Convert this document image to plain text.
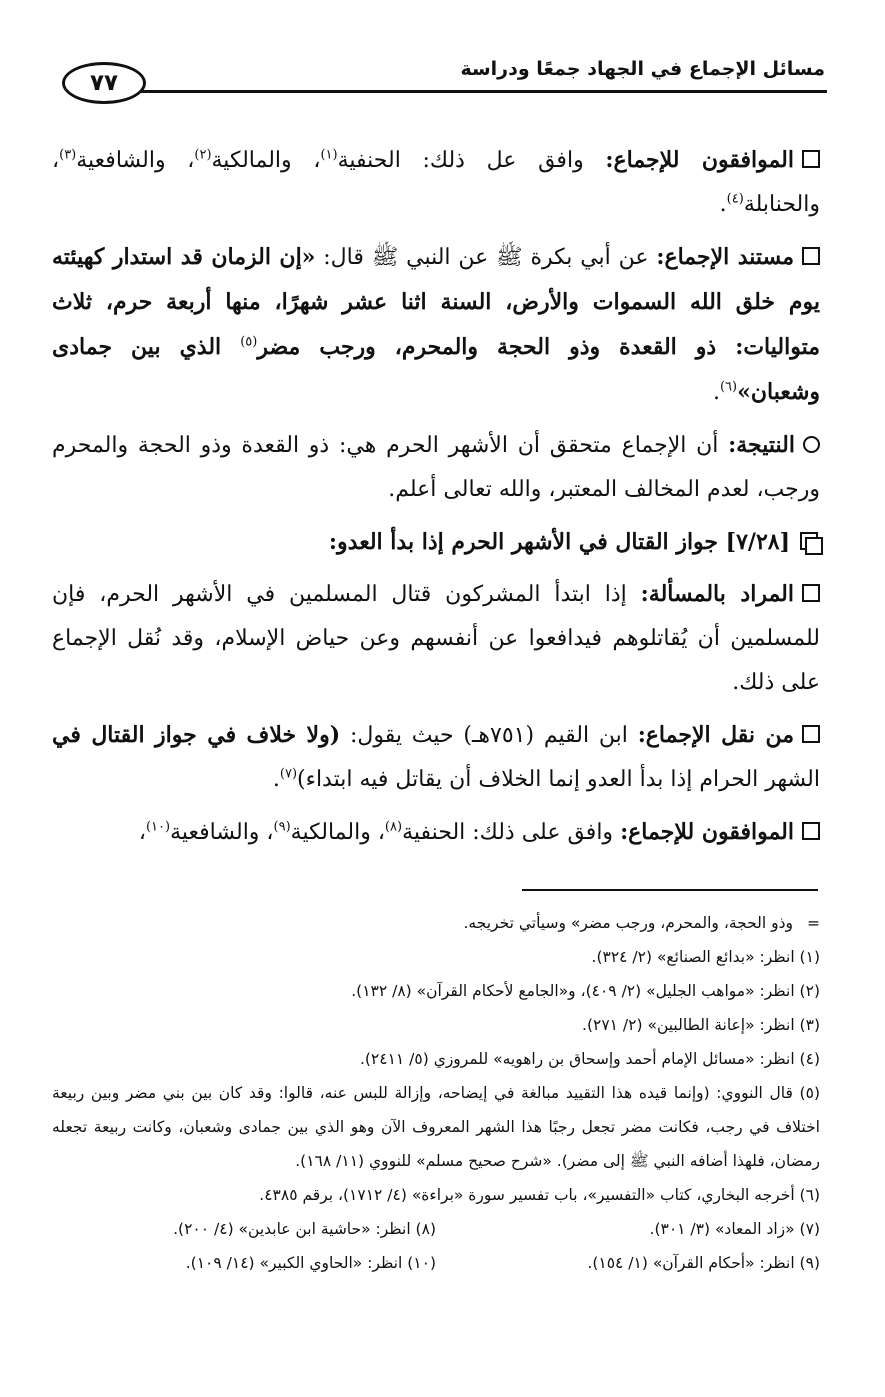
مسائل الإجماع في الجهاد جمعًا ودراسة
٧٧

الموافقون للإجماع: وافق عل ذلك: الحنفية$^{(١)}$، والمالكية$^{(٢)}$، والشافعية$^{(٣)}$، والحنابلة$^{(٤)}$.

مستند الإجماع: عن أبي بكرة ﷺ عن النبي ﷺ قال: «إن الزمان قد استدار كهيئته يوم خلق الله السموات والأرض، السنة اثنا عشر شهرًا، منها أربعة حرم، ثلاث متواليات: ذو القعدة وذو الحجة والمحرم، ورجب مضر$^{(٥)}$ الذي بين جمادى وشعبان»$^{(٦)}$.

النتيجة: أن الإجماع متحقق أن الأشهر الحرم هي: ذو القعدة وذو الحجة والمحرم ورجب، لعدم المخالف المعتبر، والله تعالى أعلم.

[٧/٢٨] جواز القتال في الأشهر الحرم إذا بدأ العدو:

المراد بالمسألة: إذا ابتدأ المشركون قتال المسلمين في الأشهر الحرم، فإن للمسلمين أن يُقاتلوهم فيدافعوا عن أنفسهم وعن حياض الإسلام، وقد نُقل الإجماع على ذلك.

من نقل الإجماع: ابن القيم (٧٥١هـ) حيث يقول: (ولا خلاف في جواز القتال في الشهر الحرام إذا بدأ العدو إنما الخلاف أن يقاتل فيه ابتداء)$^{(٧)}$.

الموافقون للإجماع: وافق على ذلك: الحنفية$^{(٨)}$، والمالكية$^{(٩)}$، والشافعية$^{(١٠)}$،

=وذو الحجة، والمحرم، ورجب مضر» وسيأتي تخريجه.

(١) انظر: «بدائع الصنائع» (٢/ ٣٢٤).

(٢) انظر: «مواهب الجليل» (٢/ ٤٠٩)، و«الجامع لأحكام القرآن» (٨/ ١٣٢).

(٣) انظر: «إعانة الطالبين» (٢/ ٢٧١).

(٤) انظر: «مسائل الإمام أحمد وإسحاق بن راهويه» للمروزي (٥/ ٢٤١١).

(٥) قال النووي: (وإنما قيده هذا التقييد مبالغة في إيضاحه، وإزالة للبس عنه، قالوا: وقد كان بين بني مضر وبين ربيعة اختلاف في رجب، فكانت مضر تجعل رجبًا هذا الشهر المعروف الآن وهو الذي بين جمادى وشعبان، وكانت ربيعة تجعله رمضان، فلهذا أضافه النبي ﷺ إلى مضر). «شرح صحيح مسلم» للنووي (١١/ ١٦٨).

(٦) أخرجه البخاري، كتاب «التفسير»، باب تفسير سورة «براءة» (٤/ ١٧١٢)، برقم ٤٣٨٥.

(٧) «زاد المعاد» (٣/ ٣٠١).

(٨) انظر: «حاشية ابن عابدين» (٤/ ٢٠٠).

(٩) انظر: «أحكام القرآن» (١/ ١٥٤).

(١٠) انظر: «الحاوي الكبير» (١٤/ ١٠٩).
